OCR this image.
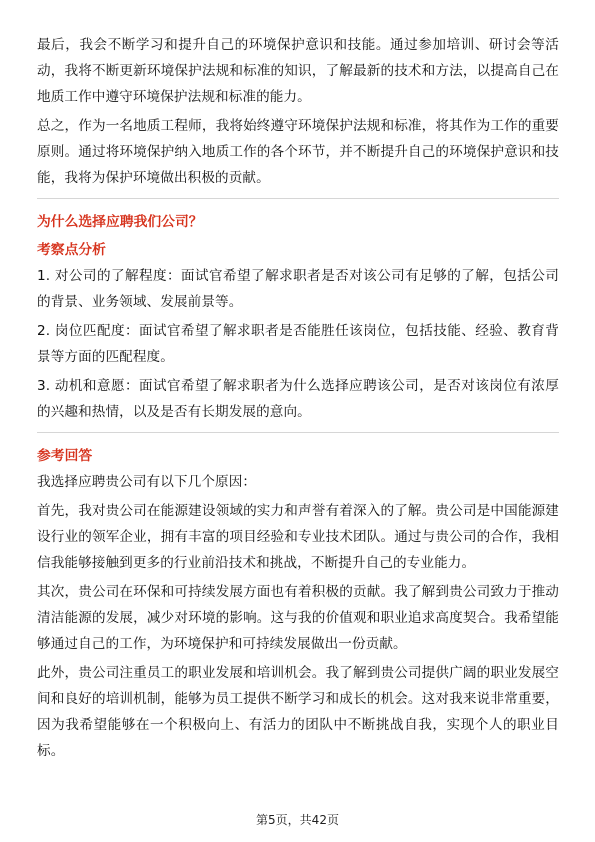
最后，我会不断学习和提升自己的环境保护意识和技能。通过参加培训、研讨会等活动，我将不断更新环境保护法规和标准的知识，了解最新的技术和方法，以提高自己在地质工作中遵守环境保护法规和标准的能力。

总之，作为一名地质工程师，我将始终遵守环境保护法规和标准，将其作为工作的重要原则。通过将环境保护纳入地质工作的各个环节，并不断提升自己的环境保护意识和技能，我将为保护环境做出积极的贡献。

为什么选择应聘我们公司？
考察点分析

1. 对公司的了解程度：面试官希望了解求职者是否对该公司有足够的了解，包括公司的背景、业务领域、发展前景等。

2. 岗位匹配度：面试官希望了解求职者是否能胜任该岗位，包括技能、经验、教育背景等方面的匹配程度。

3. 动机和意愿：面试官希望了解求职者为什么选择应聘该公司，是否对该岗位有浓厚的兴趣和热情，以及是否有长期发展的意向。

参考回答

我选择应聘贵公司有以下几个原因：

首先，我对贵公司在能源建设领域的实力和声誉有着深入的了解。贵公司是中国能源建设行业的领军企业，拥有丰富的项目经验和专业技术团队。通过与贵公司的合作，我相信我能够接触到更多的行业前沿技术和挑战，不断提升自己的专业能力。

其次，贵公司在环保和可持续发展方面也有着积极的贡献。我了解到贵公司致力于推动清洁能源的发展，减少对环境的影响。这与我的价值观和职业追求高度契合。我希望能够通过自己的工作，为环境保护和可持续发展做出一份贡献。

此外，贵公司注重员工的职业发展和培训机会。我了解到贵公司提供广阔的职业发展空间和良好的培训机制，能够为员工提供不断学习和成长的机会。这对我来说非常重要，因为我希望能够在一个积极向上、有活力的团队中不断挑战自我，实现个人的职业目标。

第5页，共42页
